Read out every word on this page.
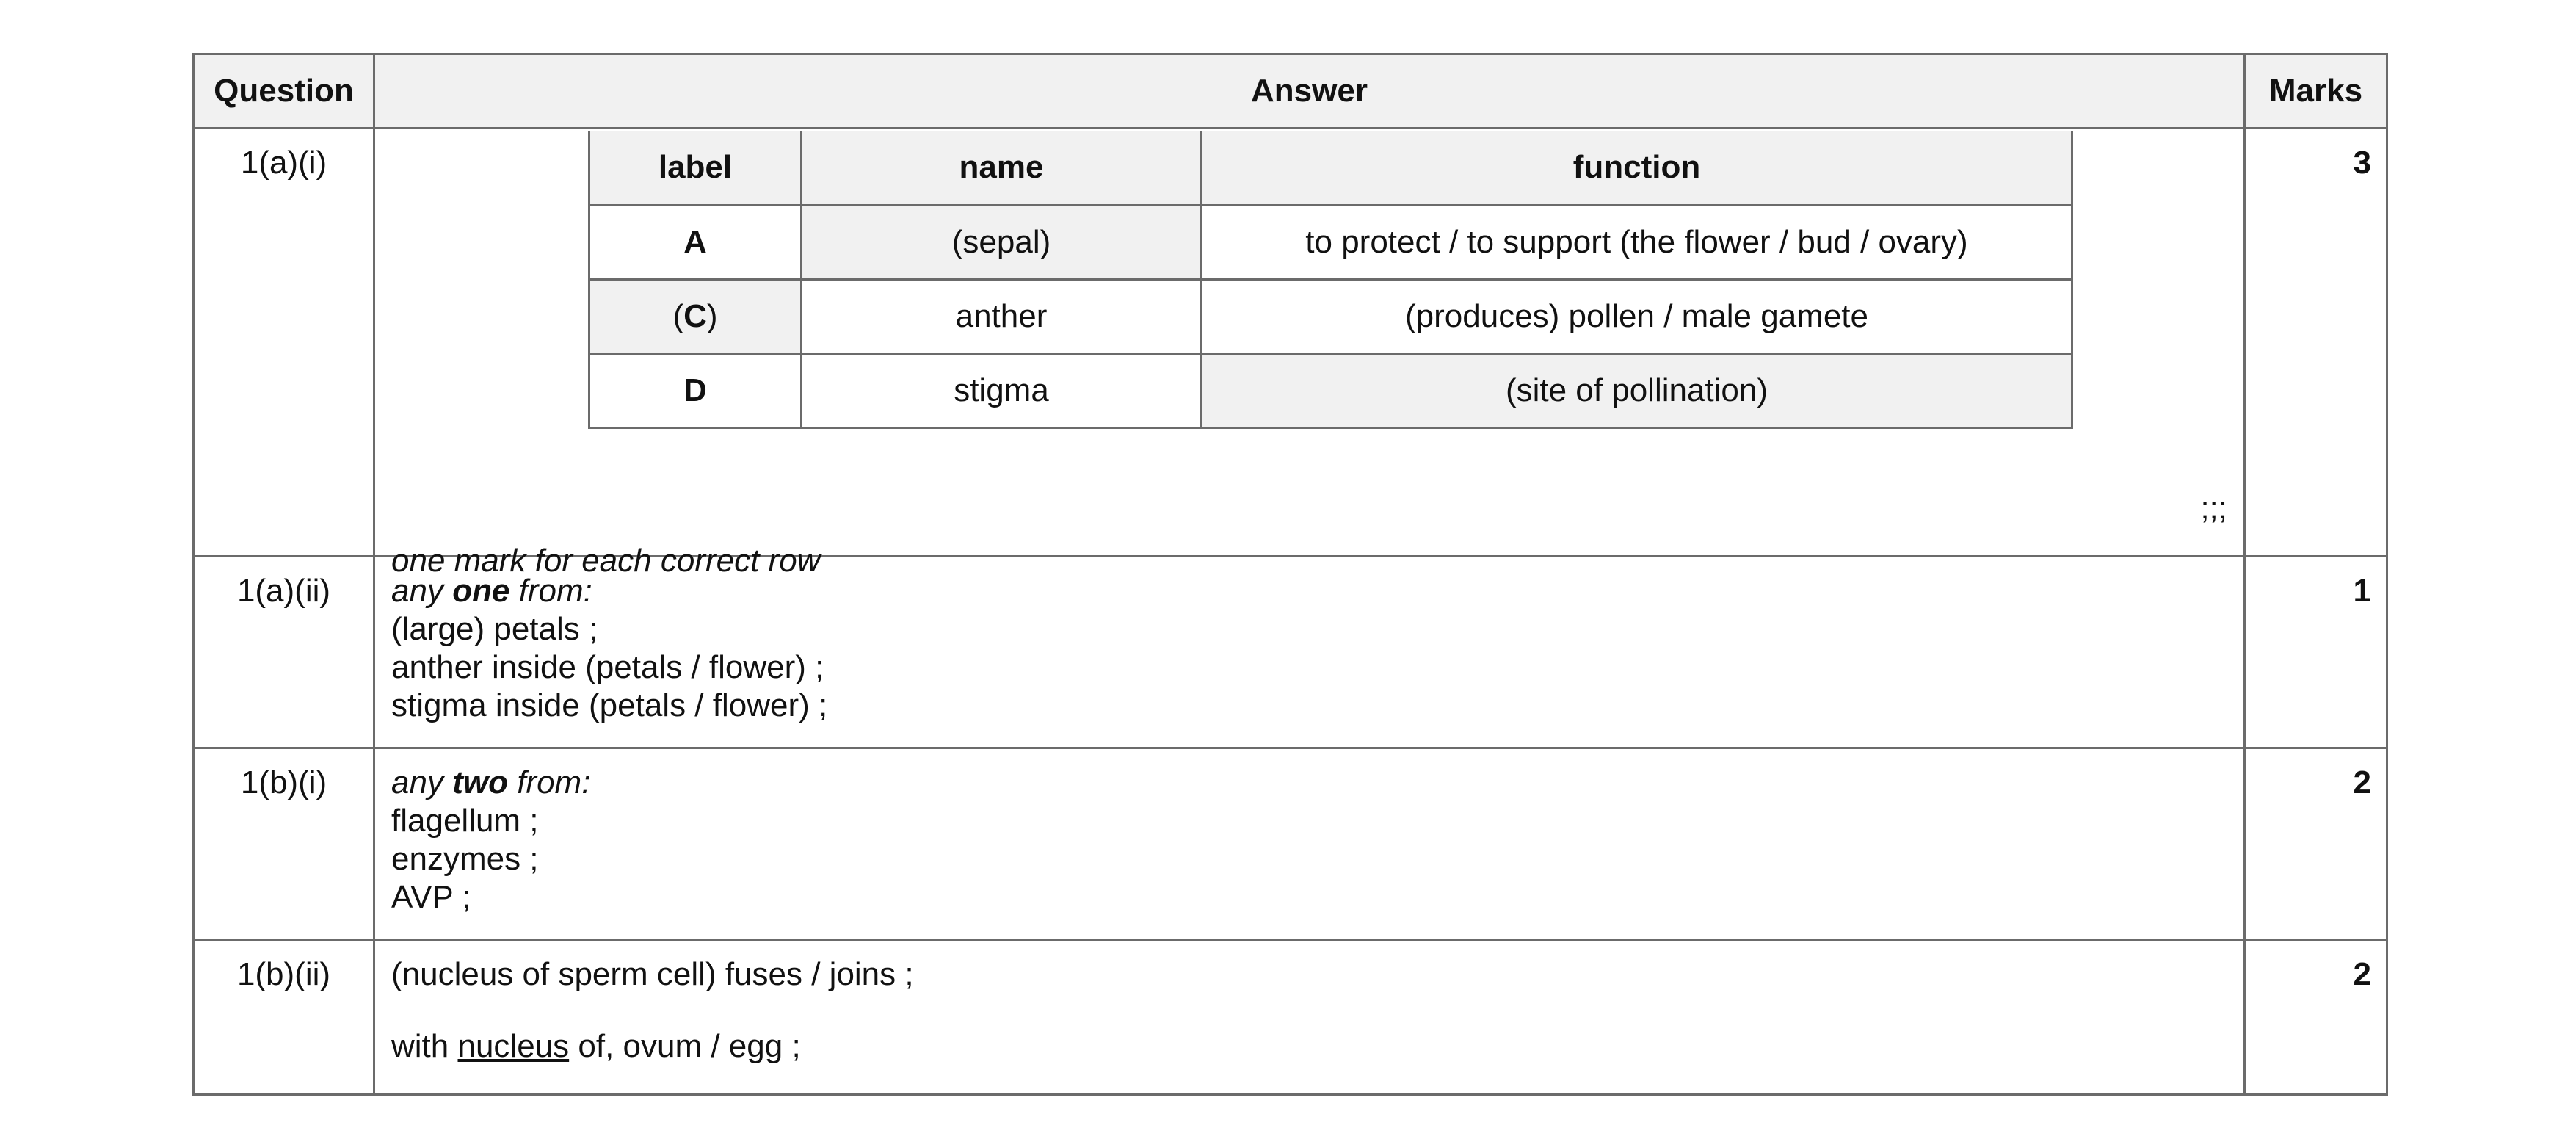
Question	Answer	Marks
1(a)(i)		label	name	function
A	(sepal)	to protect / to support (the flower / bud / ovary)
(C)	anther	(produces) pollen / male gamete
D	stigma	(site of pollination)
;;;
one mark for each correct row
	3
1(a)(ii)	any one from:
(large) petals ;
anther inside (petals / flower) ;
stigma inside (petals / flower) ;
	1
1(b)(i)	any two from:
flagellum ;
enzymes ;
AVP ;
	2
1(b)(ii)	(nucleus of sperm cell) fuses / joins ;
with nucleus of, ovum / egg ;
	2
